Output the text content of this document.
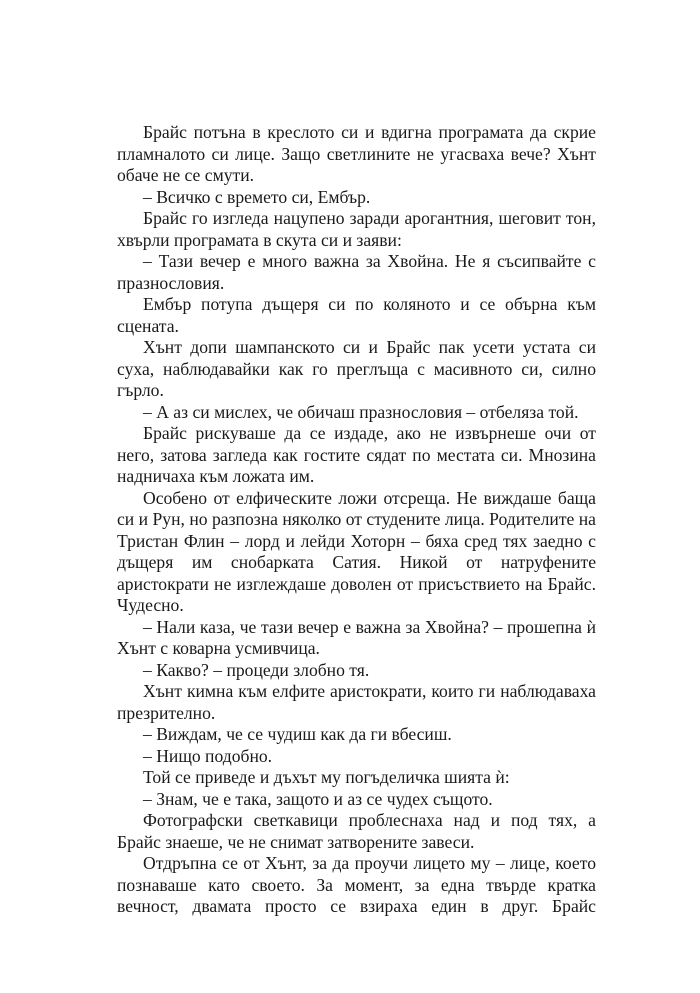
Брайс потъна в креслото си и вдигна програмата да скрие пламналото си лице. Защо светлините не угасваха вече? Хънт обаче не се смути.

– Всичко с времето си, Ембър.

Брайс го изгледа нацупено заради арогантния, шеговит тон, хвърли програмата в скута си и заяви:

– Тази вечер е много важна за Хвойна. Не я съсипвайте с празнословия.

Ембър потупа дъщеря си по коляното и се обърна към сцената.

Хънт допи шампанското си и Брайс пак усети устата си суха, наблюдавайки как го преглъща с масивното си, силно гърло.

– А аз си мислех, че обичаш празнословия – отбеляза той.

Брайс рискуваше да се издаде, ако не извърнеше очи от него, затова загледа как гостите сядат по местата си. Мнозина надничаха към ложата им.

Особено от елфическите ложи отсреща. Не виждаше баща си и Рун, но разпозна няколко от студените лица. Родителите на Тристан Флин – лорд и лейди Хоторн – бяха сред тях заедно с дъщеря им снобарката Сатия. Никой от натруфените аристократи не изглеждаше доволен от присъствието на Брайс. Чудесно.

– Нали каза, че тази вечер е важна за Хвойна? – прошепна ѝ Хънт с коварна усмивчица.

– Какво? – процеди злобно тя.

Хънт кимна към елфите аристократи, които ги наблюдаваха презрително.

– Виждам, че се чудиш как да ги вбесиш.

– Нищо подобно.

Той се приведе и дъхът му погъделичка шията ѝ:

– Знам, че е така, защото и аз се чудех същото.

Фотографски светкавици проблеснаха над и под тях, а Брайс знаеше, че не снимат затворените завеси.

Отдръпна се от Хънт, за да проучи лицето му – лице, което познаваше като своето. За момент, за една твърде кратка вечност, двамата просто се взираха един в друг. Брайс
